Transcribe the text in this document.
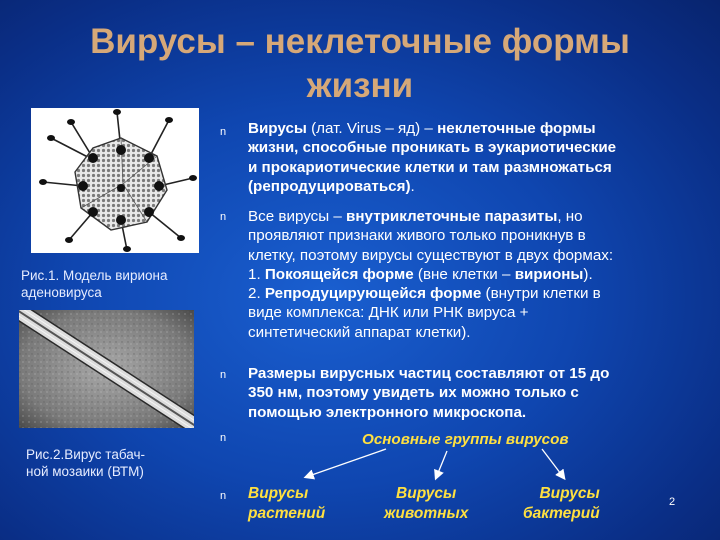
Вирусы – неклеточные формы
жизни
Рис.1. Модель вириона
аденовируса
Рис.2.Вирус табач-
ной мозаики (ВТМ)
n
n
n
n
n
Вирусы (лат. Virus – яд) – неклеточные формы
жизни, способные проникать в эукариотические
и прокариотические клетки и там размножаться
(репродуцироваться).
Все вирусы – внутриклеточные паразиты, но
проявляют признаки живого только проникнув в
клетку, поэтому вирусы существуют в двух формах:
1. Покоящейся форме (вне клетки – вирионы).
2. Репродуцирующейся форме (внутри клетки в
виде комплекса: ДНК или РНК вируса +
синтетический аппарат клетки).
Размеры вирусных частиц составляют от 15 до
350 нм, поэтому увидеть их можно только с
помощью электронного микроскопа.
Основные группы вирусов
Вирусы
растений
Вирусы
животных
Вирусы
бактерий
2
